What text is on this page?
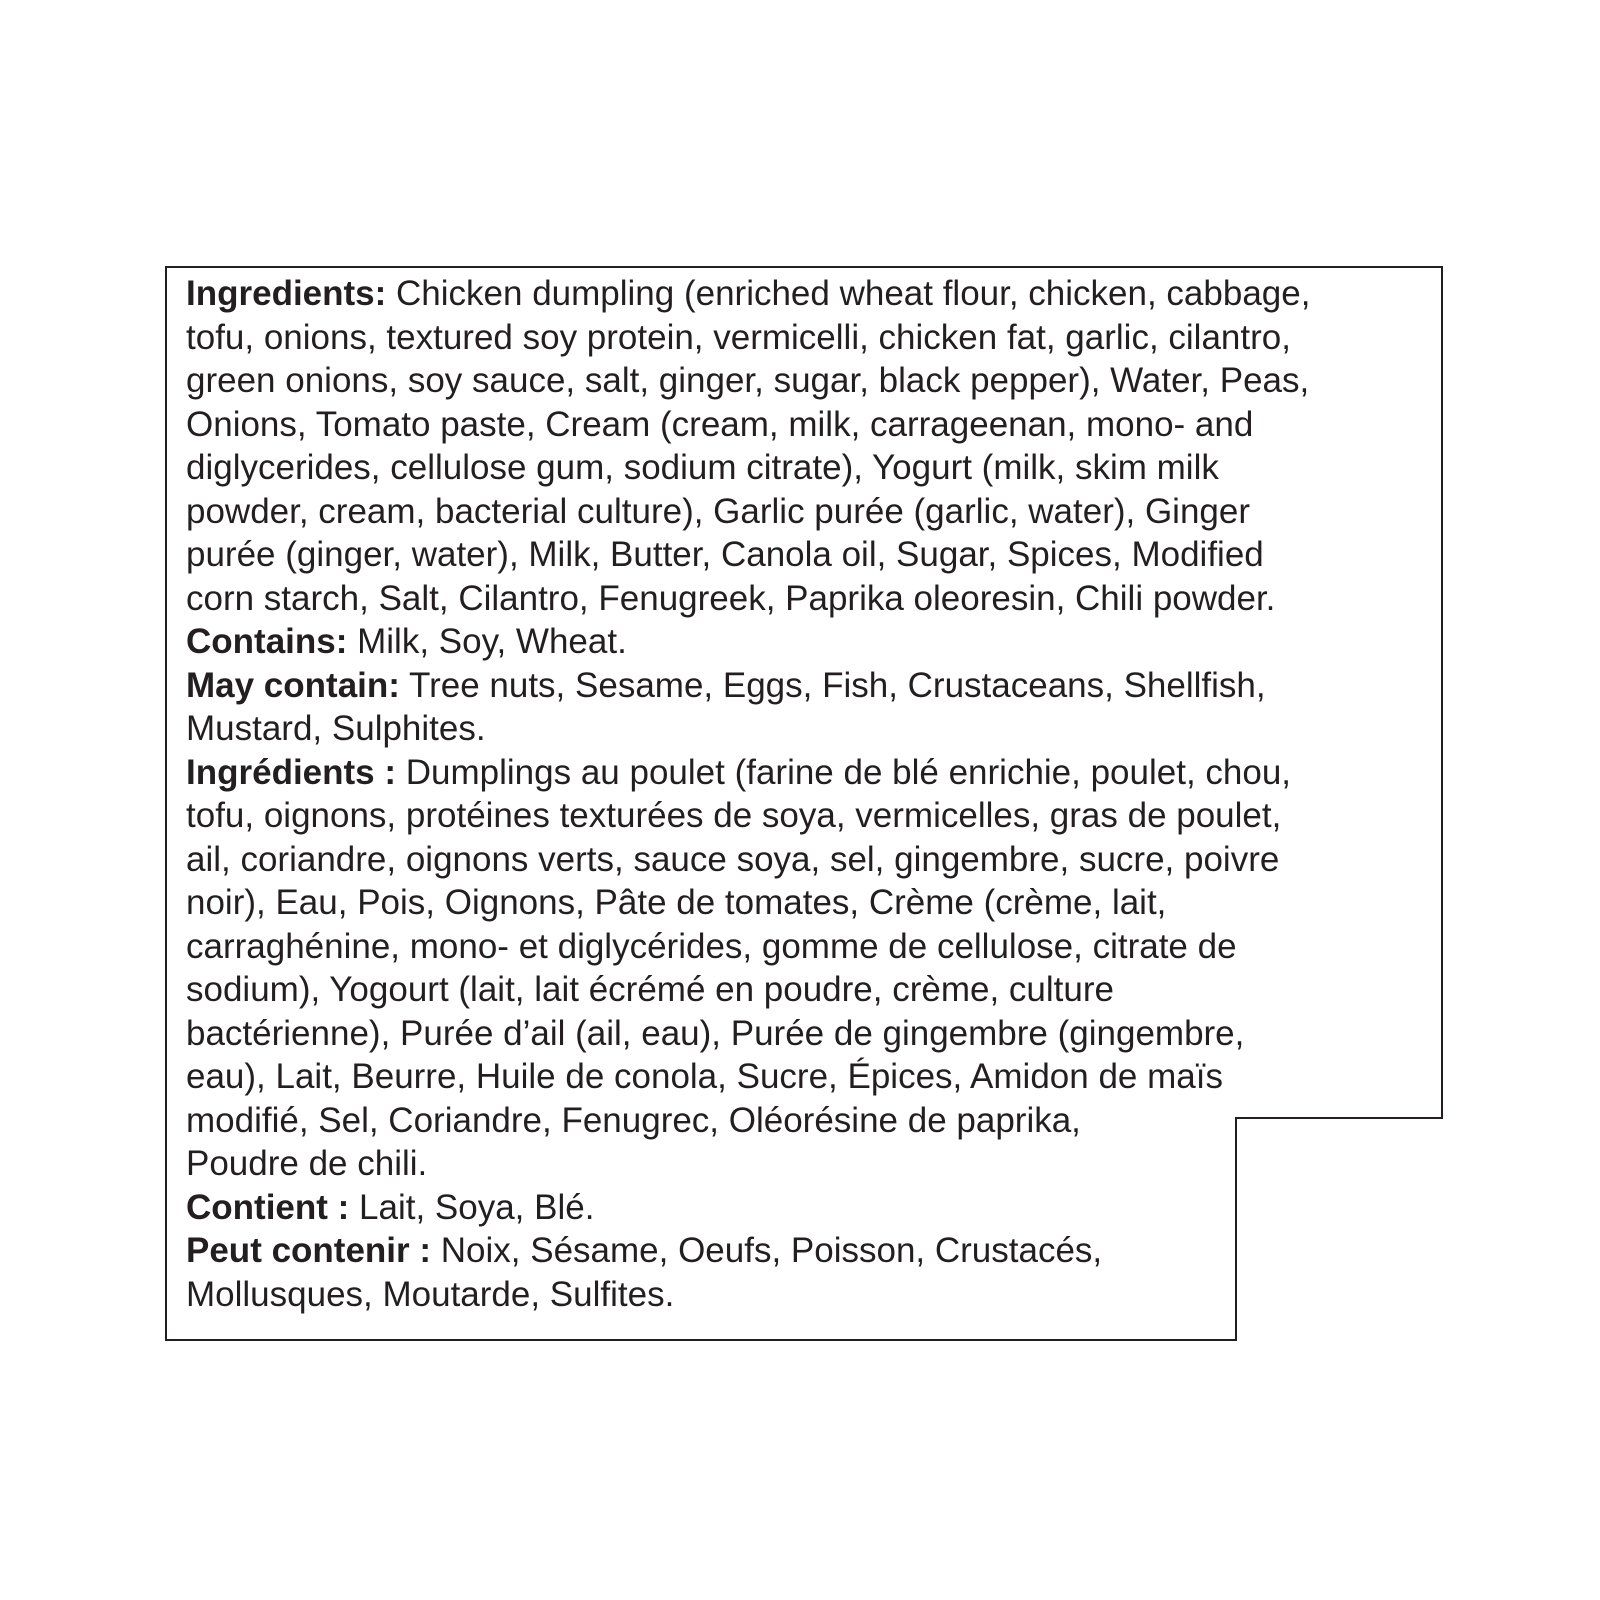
Ingredients: Chicken dumpling (enriched wheat flour, chicken, cabbage,
tofu, onions, textured soy protein, vermicelli, chicken fat, garlic, cilantro,
green onions, soy sauce, salt, ginger, sugar, black pepper), Water, Peas,
Onions, Tomato paste, Cream (cream, milk, carrageenan, mono- and
diglycerides, cellulose gum, sodium citrate), Yogurt (milk, skim milk
powder, cream, bacterial culture), Garlic purée (garlic, water), Ginger
purée (ginger, water), Milk, Butter, Canola oil, Sugar, Spices, Modified
corn starch, Salt, Cilantro, Fenugreek, Paprika oleoresin, Chili powder.
Contains: Milk, Soy, Wheat.
May contain: Tree nuts, Sesame, Eggs, Fish, Crustaceans, Shellfish,
Mustard, Sulphites.
Ingrédients : Dumplings au poulet (farine de blé enrichie, poulet, chou,
tofu, oignons, protéines texturées de soya, vermicelles, gras de poulet,
ail, coriandre, oignons verts, sauce soya, sel, gingembre, sucre, poivre
noir), Eau, Pois, Oignons, Pâte de tomates, Crème (crème, lait,
carraghénine, mono- et diglycérides, gomme de cellulose, citrate de
sodium), Yogourt (lait, lait écrémé en poudre, crème, culture
bactérienne), Purée d’ail (ail, eau), Purée de gingembre (gingembre,
eau), Lait, Beurre, Huile de conola, Sucre, Épices, Amidon de maïs
modifié, Sel, Coriandre, Fenugrec, Oléorésine de paprika,
Poudre de chili.
Contient : Lait, Soya, Blé.
Peut contenir : Noix, Sésame, Oeufs, Poisson, Crustacés,
Mollusques, Moutarde, Sulfites.
